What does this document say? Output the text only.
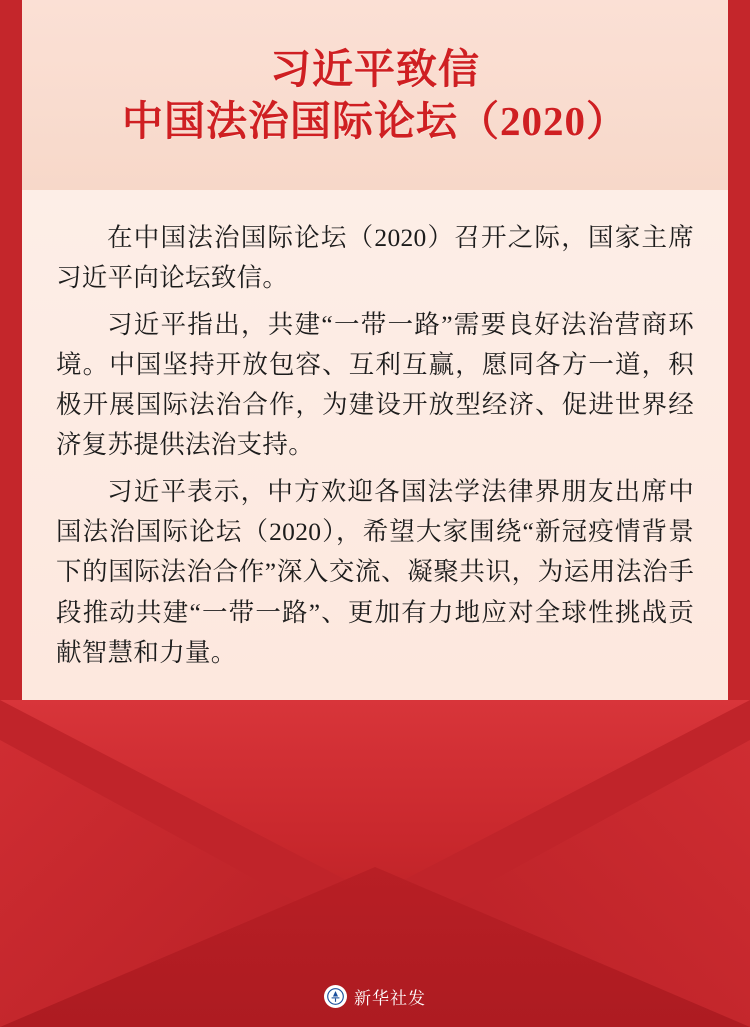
习近平致信
中国法治国际论坛（2020）

在中国法治国际论坛（2020）召开之际，国家主席习近平向论坛致信。

习近平指出，共建“一带一路”需要良好法治营商环境。中国坚持开放包容、互利互赢，愿同各方一道，积极开展国际法治合作，为建设开放型经济、促进世界经济复苏提供法治支持。

习近平表示，中方欢迎各国法学法律界朋友出席中国法治国际论坛（2020），希望大家围绕“新冠疫情背景下的国际法治合作”深入交流、凝聚共识，为运用法治手段推动共建“一带一路”、更加有力地应对全球性挑战贡献智慧和力量。

新华社发
